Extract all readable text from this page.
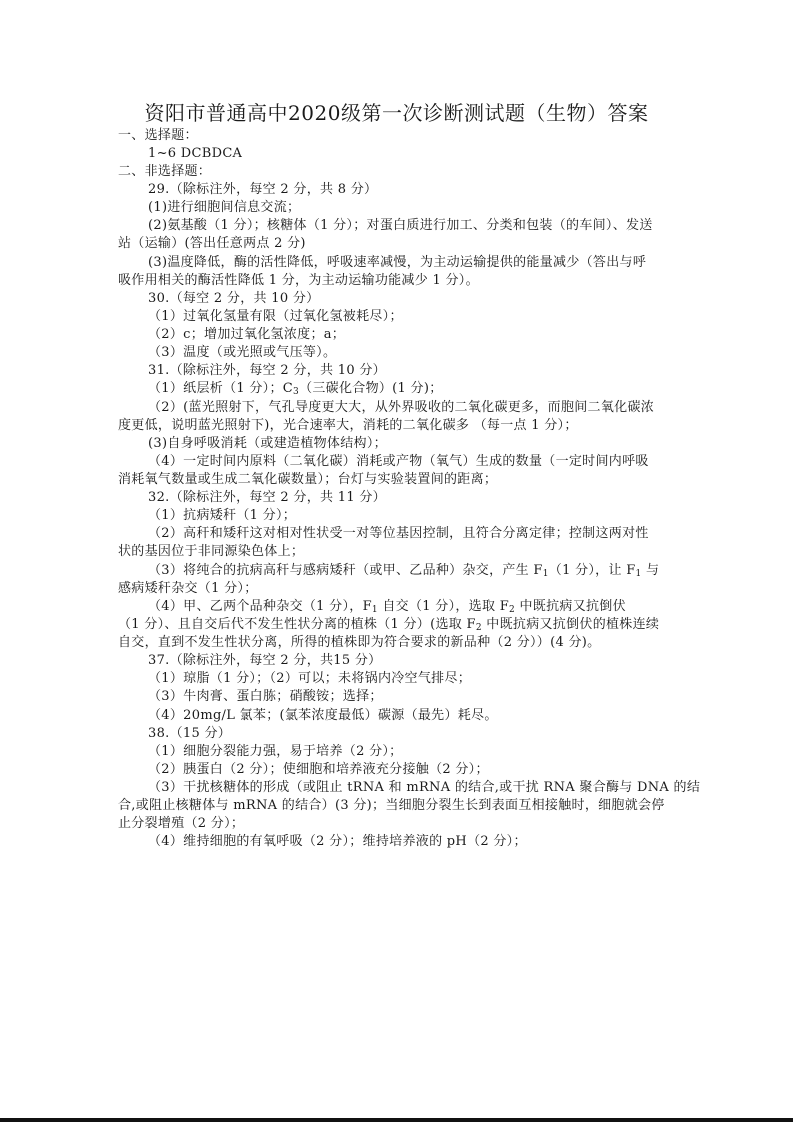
资阳市普通高中2020级第一次诊断测试题（生物）答案
一、选择题：
1~6 DCBDCA
二、非选择题：
29.（除标注外，每空 2 分，共 8 分）
(1)进行细胞间信息交流；
(2)氨基酸（1 分）；核糖体（1 分）；对蛋白质进行加工、分类和包装（的车间）、发送
站（运输）(答出任意两点 2 分)
(3)温度降低，酶的活性降低，呼吸速率减慢，为主动运输提供的能量减少（答出与呼
吸作用相关的酶活性降低 1 分，为主动运输功能减少 1 分）。
30.（每空 2 分，共 10 分）
（1）过氧化氢量有限（过氧化氢被耗尽）；
（2）c；增加过氧化氢浓度；a；
（3）温度（或光照或气压等）。
31.（除标注外，每空 2 分，共 10 分）
（1）纸层析（1 分）；$C_3$（三碳化合物）(1 分)；
（2）(蓝光照射下，气孔导度更大大，从外界吸收的二氧化碳更多，而胞间二氧化碳浓
度更低，说明蓝光照射下)，光合速率大，消耗的二氧化碳多 （每一点 1 分）；
(3)自身呼吸消耗（或建造植物体结构）；
（4）一定时间内原料（二氧化碳）消耗或产物（氧气）生成的数量（一定时间内呼吸
消耗氧气数量或生成二氧化碳数量）；台灯与实验装置间的距离；
32.（除标注外，每空 2 分，共 11 分）
（1）抗病矮秆（1 分）；
（2）高秆和矮秆这对相对性状受一对等位基因控制，且符合分离定律；控制这两对性
状的基因位于非同源染色体上；
（3）将纯合的抗病高秆与感病矮秆（或甲、乙品种）杂交，产生 $F_1(1$ 分），让 $F_1$ 与
感病矮秆杂交（1 分）；
（4）甲、乙两个品种杂交（1 分），$F_1$ 自交（1 分），选取 $F_2$ 中既抗病又抗倒伏
（1 分）、且自交后代不发生性状分离的植株（1 分）(选取 $F_2$ 中既抗病又抗倒伏的植株连续
自交，直到不发生性状分离，所得的植株即为符合要求的新品种（2 分））(4 分)。
37.（除标注外，每空 2 分，共15 分）
（1）琼脂（1 分）；（2）可以；未将锅内冷空气排尽；
（3）牛肉膏、蛋白胨；硝酸铵；选择；
（4）20mg/L 氯苯；(氯苯浓度最低）碳源（最先）耗尽。
38.（15 分）
（1）细胞分裂能力强，易于培养（2 分）；
（2）胰蛋白（2 分）；使细胞和培养液充分接触（2 分）；
（3）干扰核糖体的形成（或阻止 tRNA 和 mRNA 的结合,或干扰 RNA 聚合酶与 DNA 的结
合,或阻止核糖体与 mRNA 的结合）(3 分)；当细胞分裂生长到表面互相接触时，细胞就会停
止分裂增殖（2 分）；
（4）维持细胞的有氧呼吸（2 分）；维持培养液的 pH（2 分）；
